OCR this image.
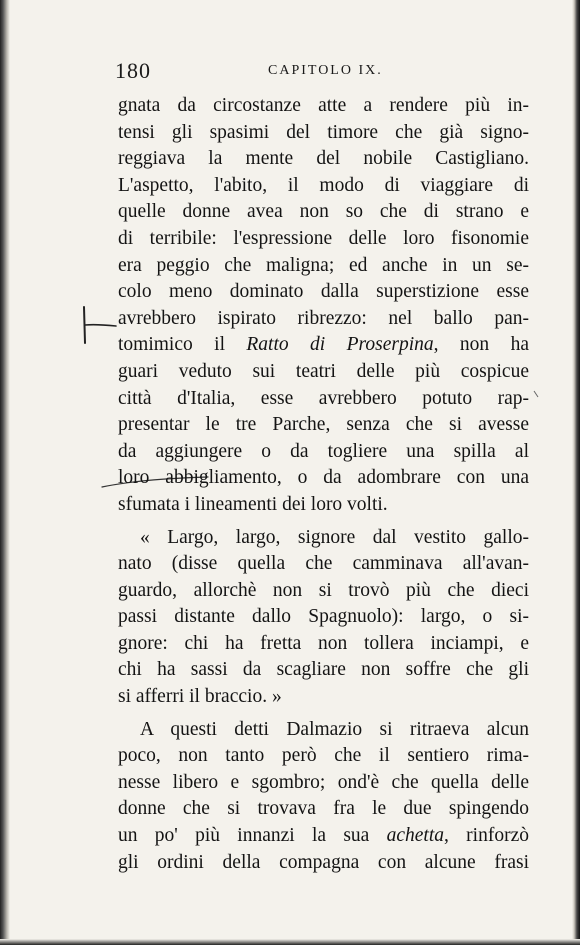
180	CAPITOLO IX.
gnata da circostanze atte a rendere più in-
tensi gli spasimi del timore che già signo-
reggiava la mente del nobile Castigliano.
L'aspetto, l'abito, il modo di viaggiare di
quelle donne avea non so che di strano e
di terribile: l'espressione delle loro fisonomie
era peggio che maligna; ed anche in un se-
colo meno dominato dalla superstizione esse
avrebbero ispirato ribrezzo: nel ballo pan-
tomimico il Ratto di Proserpina, non ha
guari veduto sui teatri delle più cospicue
città d'Italia, esse avrebbero potuto rap-
presentar le tre Parche, senza che si avesse
da aggiungere o da togliere una spilla al
loro abbigliamento, o da adombrare con una
sfumata i lineamenti dei loro volti.
« Largo, largo, signore dal vestito gallo-
nato (disse quella che camminava all'avan-
guardo, allorchè non si trovò più che dieci
passi distante dallo Spagnuolo): largo, o si-
gnore: chi ha fretta non tollera inciampi, e
chi ha sassi da scagliare non soffre che gli
si afferri il braccio. »
A questi detti Dalmazio si ritraeva alcun
poco, non tanto però che il sentiero rima-
nesse libero e sgombro; ond'è che quella delle
donne che si trovava fra le due spingendo
un po' più innanzi la sua achetta, rinforzò
gli ordini della compagna con alcune frasi
